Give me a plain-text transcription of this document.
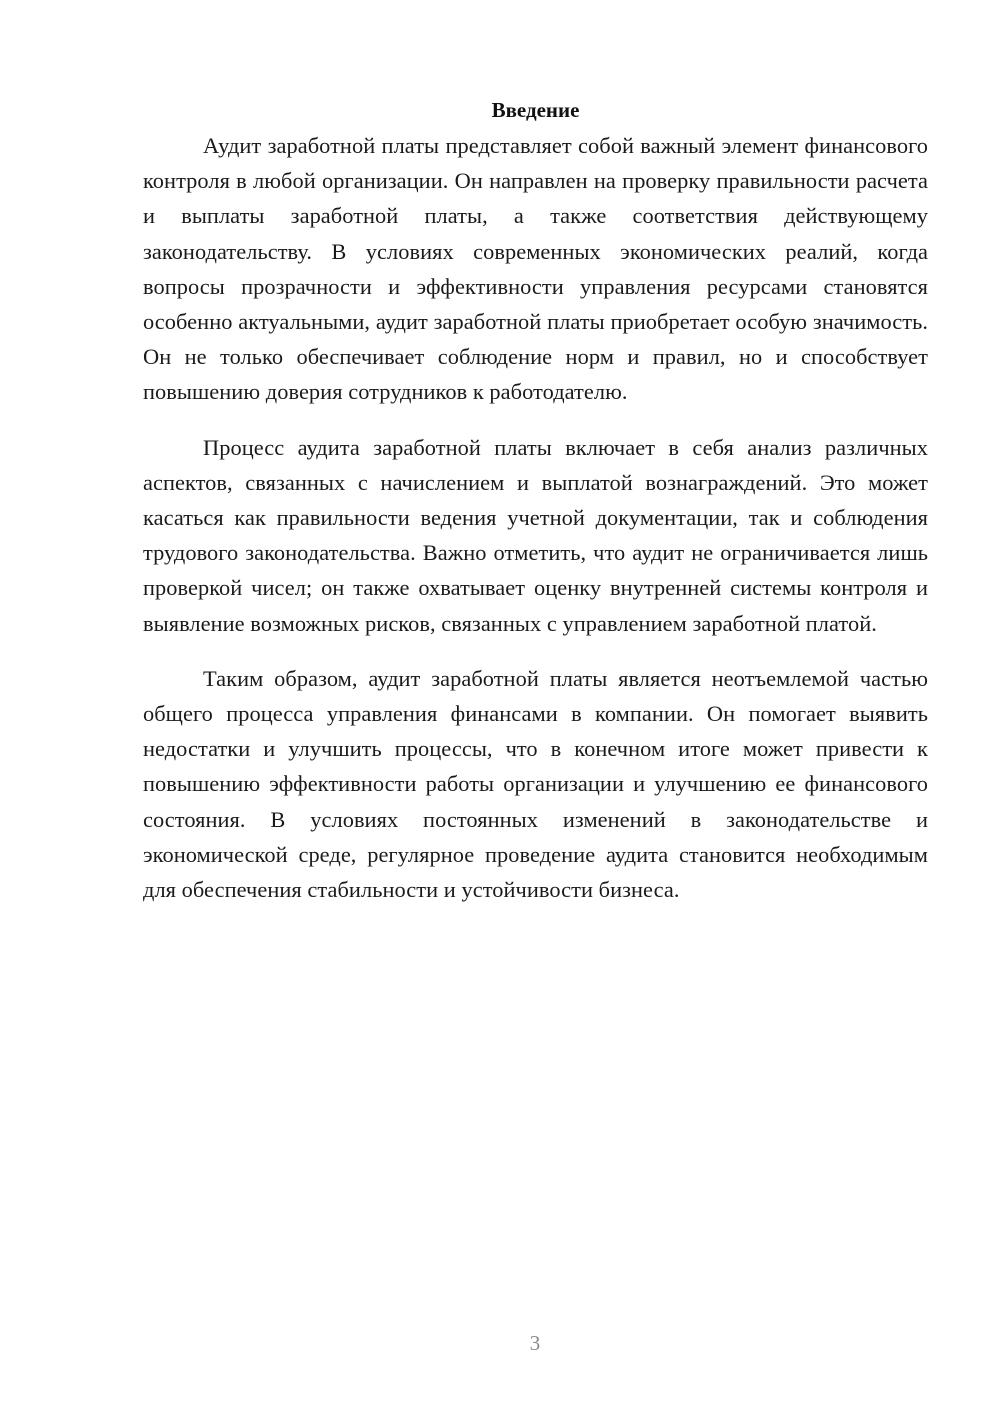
Введение

Аудит заработной платы представляет собой важный элемент финансового контроля в любой организации. Он направлен на проверку правильности расчета и выплаты заработной платы, а также соответствия действующему законодательству. В условиях современных экономических реалий, когда вопросы прозрачности и эффективности управления ресурсами становятся особенно актуальными, аудит заработной платы приобретает особую значимость. Он не только обеспечивает соблюдение норм и правил, но и способствует повышению доверия сотрудников к работодателю.

Процесс аудита заработной платы включает в себя анализ различных аспектов, связанных с начислением и выплатой вознаграждений. Это может касаться как правильности ведения учетной документации, так и соблюдения трудового законодательства. Важно отметить, что аудит не ограничивается лишь проверкой чисел; он также охватывает оценку внутренней системы контроля и выявление возможных рисков, связанных с управлением заработной платой.

Таким образом, аудит заработной платы является неотъемлемой частью общего процесса управления финансами в компании. Он помогает выявить недостатки и улучшить процессы, что в конечном итоге может привести к повышению эффективности работы организации и улучшению ее финансового состояния. В условиях постоянных изменений в законодательстве и экономической среде, регулярное проведение аудита становится необходимым для обеспечения стабильности и устойчивости бизнеса.

3
